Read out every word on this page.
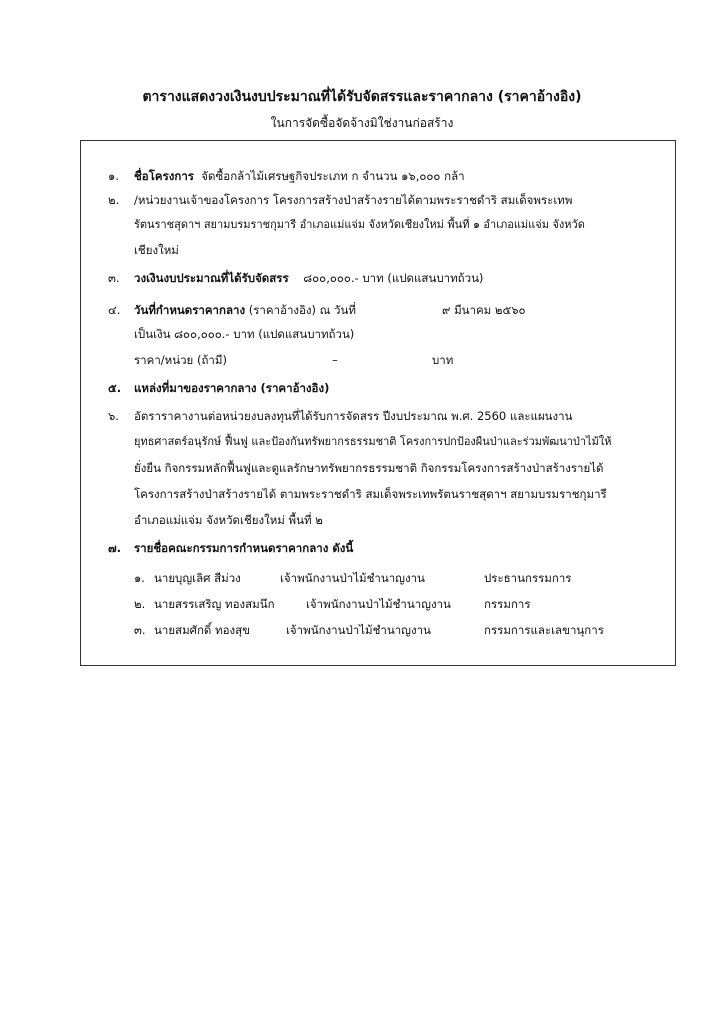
ตารางแสดงวงเงินงบประมาณที่ได้รับจัดสรรและราคากลาง (ราคาอ้างอิง)
ในการจัดซื้อจัดจ้างมิใช่งานก่อสร้าง
๑. ชื่อโครงการ จัดซื้อกล้าไม้เศรษฐกิจประเภท ก จำนวน ๑๖,๐๐๐ กล้า
๒. /หน่วยงานเจ้าของโครงการ โครงการสร้างป่าสร้างรายได้ตามพระราชดำริ สมเด็จพระเทพ
รัตนราชสุดาฯ สยามบรมราชกุมารี อำเภอแม่แจ่ม จังหวัดเชียงใหม่ พื้นที่ ๑ อำเภอแม่แจ่ม จังหวัด
เชียงใหม่
๓. วงเงินงบประมาณที่ได้รับจัดสรร ๘๐๐,๐๐๐.- บาท (แปดแสนบาทถ้วน)
๔. วันที่กำหนดราคากลาง (ราคาอ้างอิง) ณ วันที่	๙ มีนาคม ๒๕๖๐
เป็นเงิน ๘๐๐,๐๐๐.- บาท (แปดแสนบาทถ้วน)
ราคา/หน่วย (ถ้ามี)	–	บาท
๕. แหล่งที่มาของราคากลาง (ราคาอ้างอิง)
๖. อัตราราคางานต่อหน่วยงบลงทุนที่ได้รับการจัดสรร ปีงบประมาณ พ.ศ. 2560 และแผนงาน
ยุทธศาสตร์อนุรักษ์ ฟื้นฟู และป้องกันทรัพยากรธรรมชาติ โครงการปกป้องผืนป่าและร่วมพัฒนาป่าไม้ให้
ยั่งยืน กิจกรรมหลักฟื้นฟูและดูแลรักษาทรัพยากรธรรมชาติ กิจกรรมโครงการสร้างป่าสร้างรายได้
โครงการสร้างป่าสร้างรายได้ ตามพระราชดำริ สมเด็จพระเทพรัตนราชสุดาฯ สยามบรมราชกุมารี
อำเภอแม่แจ่ม จังหวัดเชียงใหม่ พื้นที่ ๒
๗. รายชื่อคณะกรรมการกำหนดราคากลาง ดังนี้
๑. นายบุญเลิศ สีม่วง	เจ้าพนักงานป่าไม้ชำนาญงาน	ประธานกรรมการ
๒. นายสรรเสริญ ทองสมนึก	เจ้าพนักงานป่าไม้ชำนาญงาน	กรรมการ
๓. นายสมศักดิ์ ทองสุข	เจ้าพนักงานป่าไม้ชำนาญงาน	กรรมการและเลขานุการ
